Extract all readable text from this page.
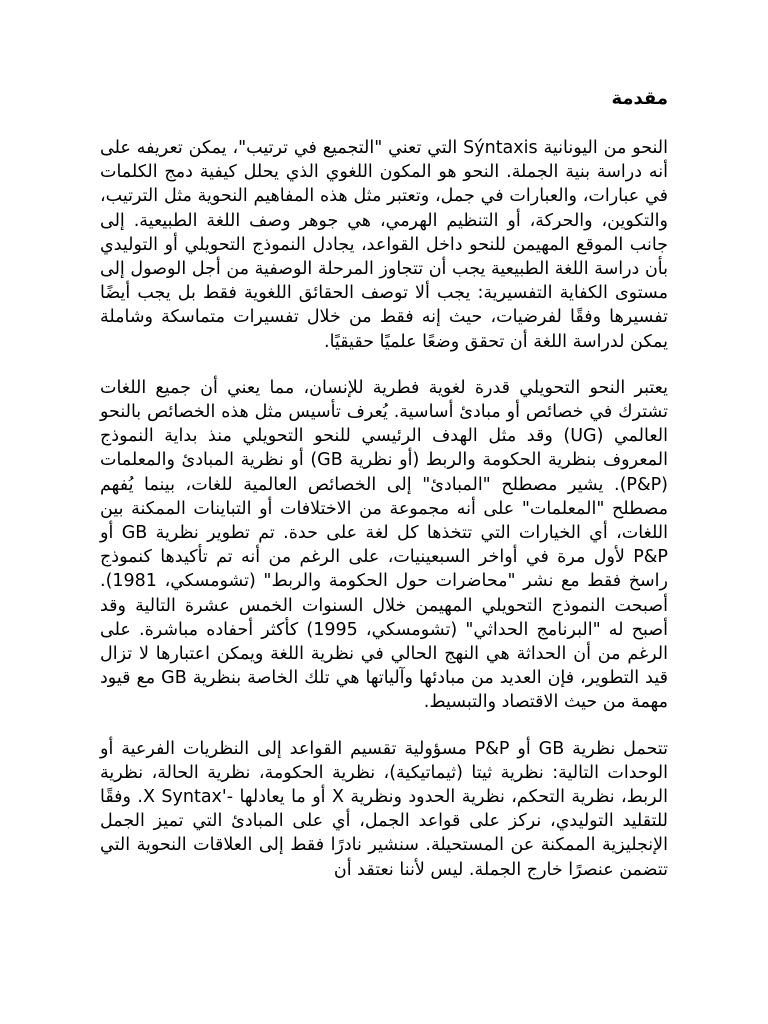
مقدمة

النحو من اليونانية Sýntaxis التي تعني "التجميع في ترتيب"، يمكن تعريفه على أنه دراسة بنية الجملة. النحو هو المكون اللغوي الذي يحلل كيفية دمج الكلمات في عبارات، والعبارات في جمل، وتعتبر مثل هذه المفاهيم النحوية مثل الترتيب، والتكوين، والحركة، أو التنظيم الهرمي، هي جوهر وصف اللغة الطبيعية. إلى جانب الموقع المهيمن للنحو داخل القواعد، يجادل النموذج التحويلي أو التوليدي بأن دراسة اللغة الطبيعية يجب أن تتجاوز المرحلة الوصفية من أجل الوصول إلى مستوى الكفاية التفسيرية: يجب ألا توصف الحقائق اللغوية فقط بل يجب أيضًا تفسيرها وفقًا لفرضيات، حيث إنه فقط من خلال تفسيرات متماسكة وشاملة يمكن لدراسة اللغة أن تحقق وضعًا علميًا حقيقيًا.

يعتبر النحو التحويلي قدرة لغوية فطرية للإنسان، مما يعني أن جميع اللغات تشترك في خصائص أو مبادئ أساسية. يُعرف تأسيس مثل هذه الخصائص بالنحو العالمي (UG) وقد مثل الهدف الرئيسي للنحو التحويلي منذ بداية النموذج المعروف بنظرية الحكومة والربط (أو نظرية GB) أو نظرية المبادئ والمعلمات (P&P). يشير مصطلح "المبادئ" إلى الخصائص العالمية للغات، بينما يُفهم مصطلح "المعلمات" على أنه مجموعة من الاختلافات أو التباينات الممكنة بين اللغات، أي الخيارات التي تتخذها كل لغة على حدة. تم تطوير نظرية GB أو P&P لأول مرة في أواخر السبعينيات، على الرغم من أنه تم تأكيدها كنموذج راسخ فقط مع نشر "محاضرات حول الحكومة والربط" (تشومسكي، 1981). أصبحت النموذج التحويلي المهيمن خلال السنوات الخمس عشرة التالية وقد أصبح له "البرنامج الحداثي" (تشومسكي، 1995) كأكثر أحفاده مباشرة. على الرغم من أن الحداثة هي النهج الحالي في نظرية اللغة ويمكن اعتبارها لا تزال قيد التطوير، فإن العديد من مبادئها وآلياتها هي تلك الخاصة بنظرية GB مع قيود مهمة من حيث الاقتصاد والتبسيط.

تتحمل نظرية GB أو P&P مسؤولية تقسيم القواعد إلى النظريات الفرعية أو الوحدات التالية: نظرية ثيتا (ثيماتيكية)، نظرية الحكومة، نظرية الحالة، نظرية الربط، نظرية التحكم، نظرية الحدود ونظرية X أو ما يعادلها -'X Syntax. وفقًا للتقليد التوليدي، نركز على قواعد الجمل، أي على المبادئ التي تميز الجمل الإنجليزية الممكنة عن المستحيلة. سنشير نادرًا فقط إلى العلاقات النحوية التي تتضمن عنصرًا خارج الجملة. ليس لأننا نعتقد أن
